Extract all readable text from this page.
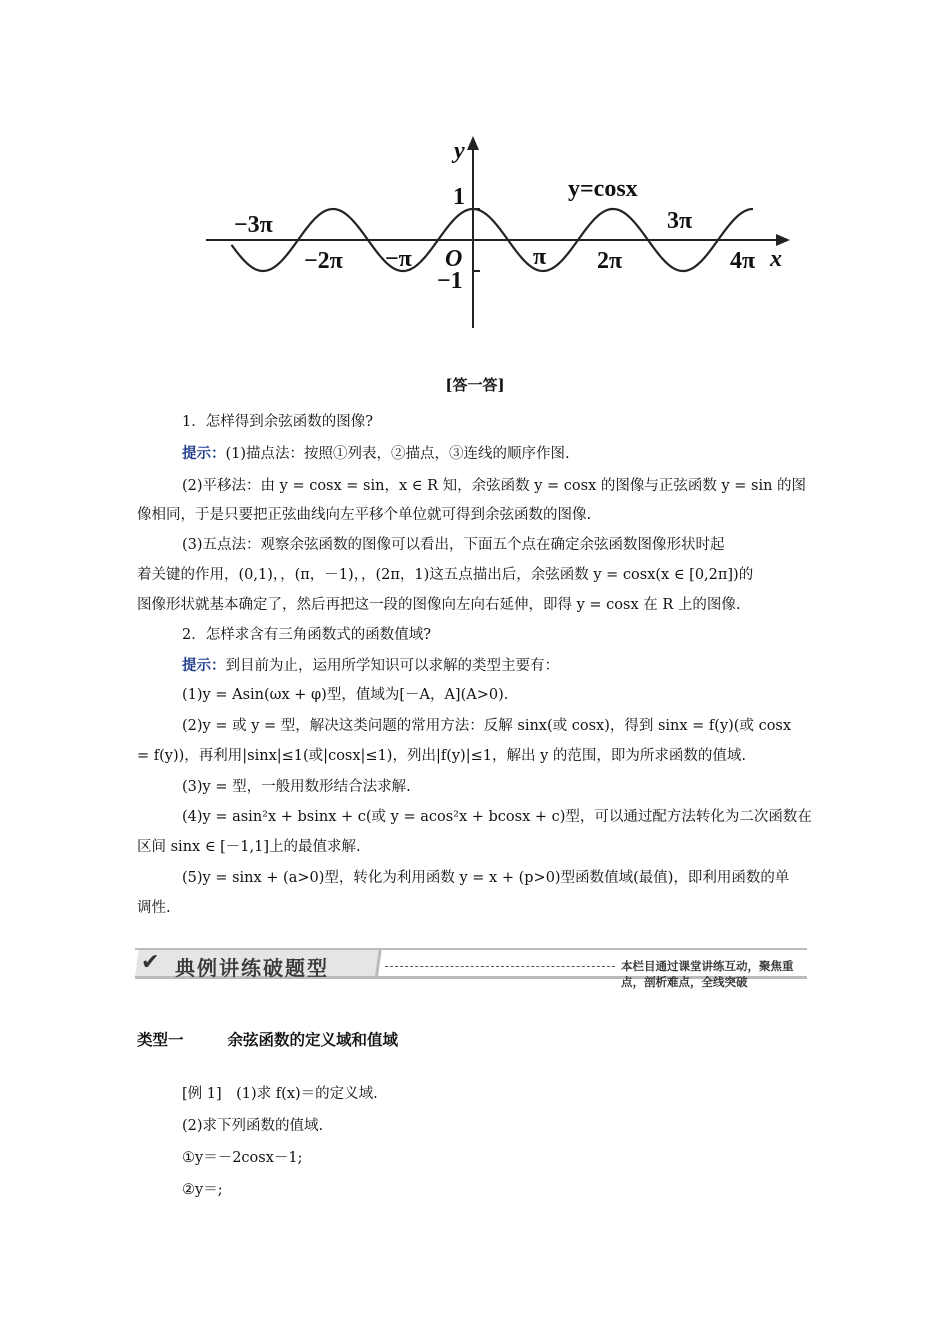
y
x
y=cosx
1
−1
O
−3π
−2π −π	π 2π
3π
4π
[答一答]
1．怎样得到余弦函数的图像?
提示：(1)描点法：按照①列表，②描点，③连线的顺序作图.
(2)平移法：由 y = cosx = sin，x ∈ R 知，余弦函数 y = cosx 的图像与正弦函数 y = sin 的图
像相同，于是只要把正弦曲线向左平移个单位就可得到余弦函数的图像.
(3)五点法：观察余弦函数的图像可以看出，下面五个点在确定余弦函数图像形状时起
着关键的作用，(0,1)，，(π，－1)，，(2π，1)这五点描出后，余弦函数 y = cosx(x ∈ [0,2π])的
图像形状就基本确定了，然后再把这一段的图像向左向右延伸，即得 y = cosx 在 R 上的图像.
2．怎样求含有三角函数式的函数值域?
提示：到目前为止，运用所学知识可以求解的类型主要有：
(1)y = Asin(ωx + φ)型，值域为[－A，A](A>0).
(2)y = 或 y = 型，解决这类问题的常用方法：反解 sinx(或 cosx)，得到 sinx = f(y)(或 cosx
= f(y))，再利用|sinx|≤1(或|cosx|≤1)，列出|f(y)|≤1，解出 y 的范围，即为所求函数的值域.
(3)y = 型，一般用数形结合法求解.
(4)y = asin²x + bsinx + c(或 y = acos²x + bcosx + c)型，可以通过配方法转化为二次函数在
区间 sinx ∈ [－1,1]上的最值求解.
(5)y = sinx + (a>0)型，转化为利用函数 y = x + (p>0)型函数值域(最值)，即利用函数的单
调性.
✔ 典例讲练破题型	本栏目通过课堂讲练互动，聚焦重点，剖析难点，全线突破
类型一	余弦函数的定义域和值域
[例 1]　(1)求 f(x)＝的定义域.
(2)求下列函数的值域.
①y＝－2cosx－1;
②y＝;
